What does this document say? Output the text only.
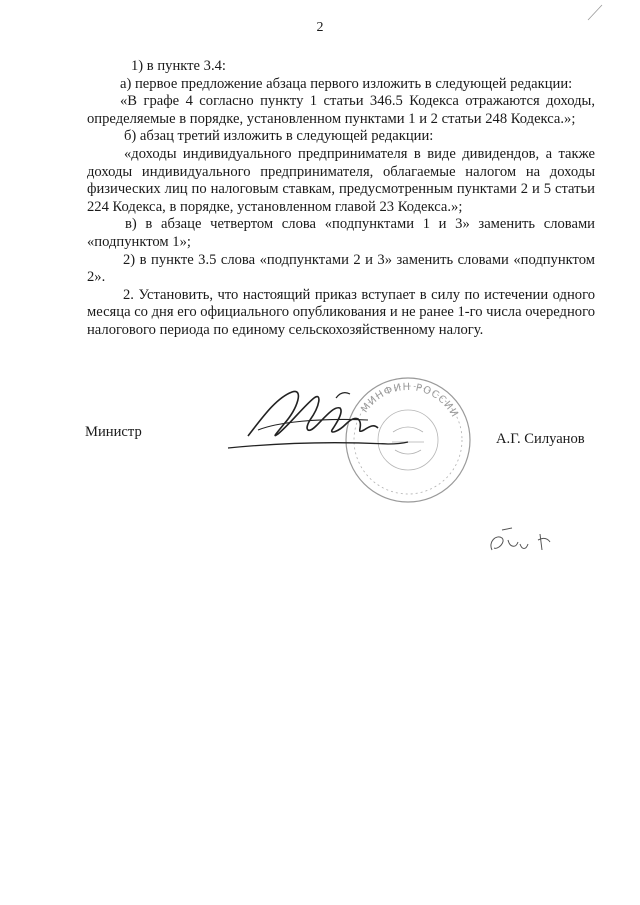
2

1) в пункте 3.4:

а) первое предложение абзаца первого изложить в следующей редакции:

«В графе 4 согласно пункту 1 статьи 346.5 Кодекса отражаются доходы, определяемые в порядке, установленном пунктами 1 и 2 статьи 248 Кодекса.»;

б) абзац третий изложить в следующей редакции:

«доходы индивидуального предпринимателя в виде дивидендов, а также доходы индивидуального предпринимателя, облагаемые налогом на доходы физических лиц по налоговым ставкам, предусмотренным пунктами 2 и 5 статьи 224 Кодекса, в порядке, установленном главой 23 Кодекса.»;

в) в абзаце четвертом слова «подпунктами 1 и 3» заменить словами «подпунктом 1»;

2) в пункте 3.5 слова «подпунктами 2 и 3» заменить словами «подпунктом 2».

2. Установить, что настоящий приказ вступает в силу по истечении одного месяца со дня его официального опубликования и не ранее 1-го числа очередного налогового периода по единому сельскохозяйственному налогу.

Министр
МИНФИН РОССИИ
А.Г. Силуанов
